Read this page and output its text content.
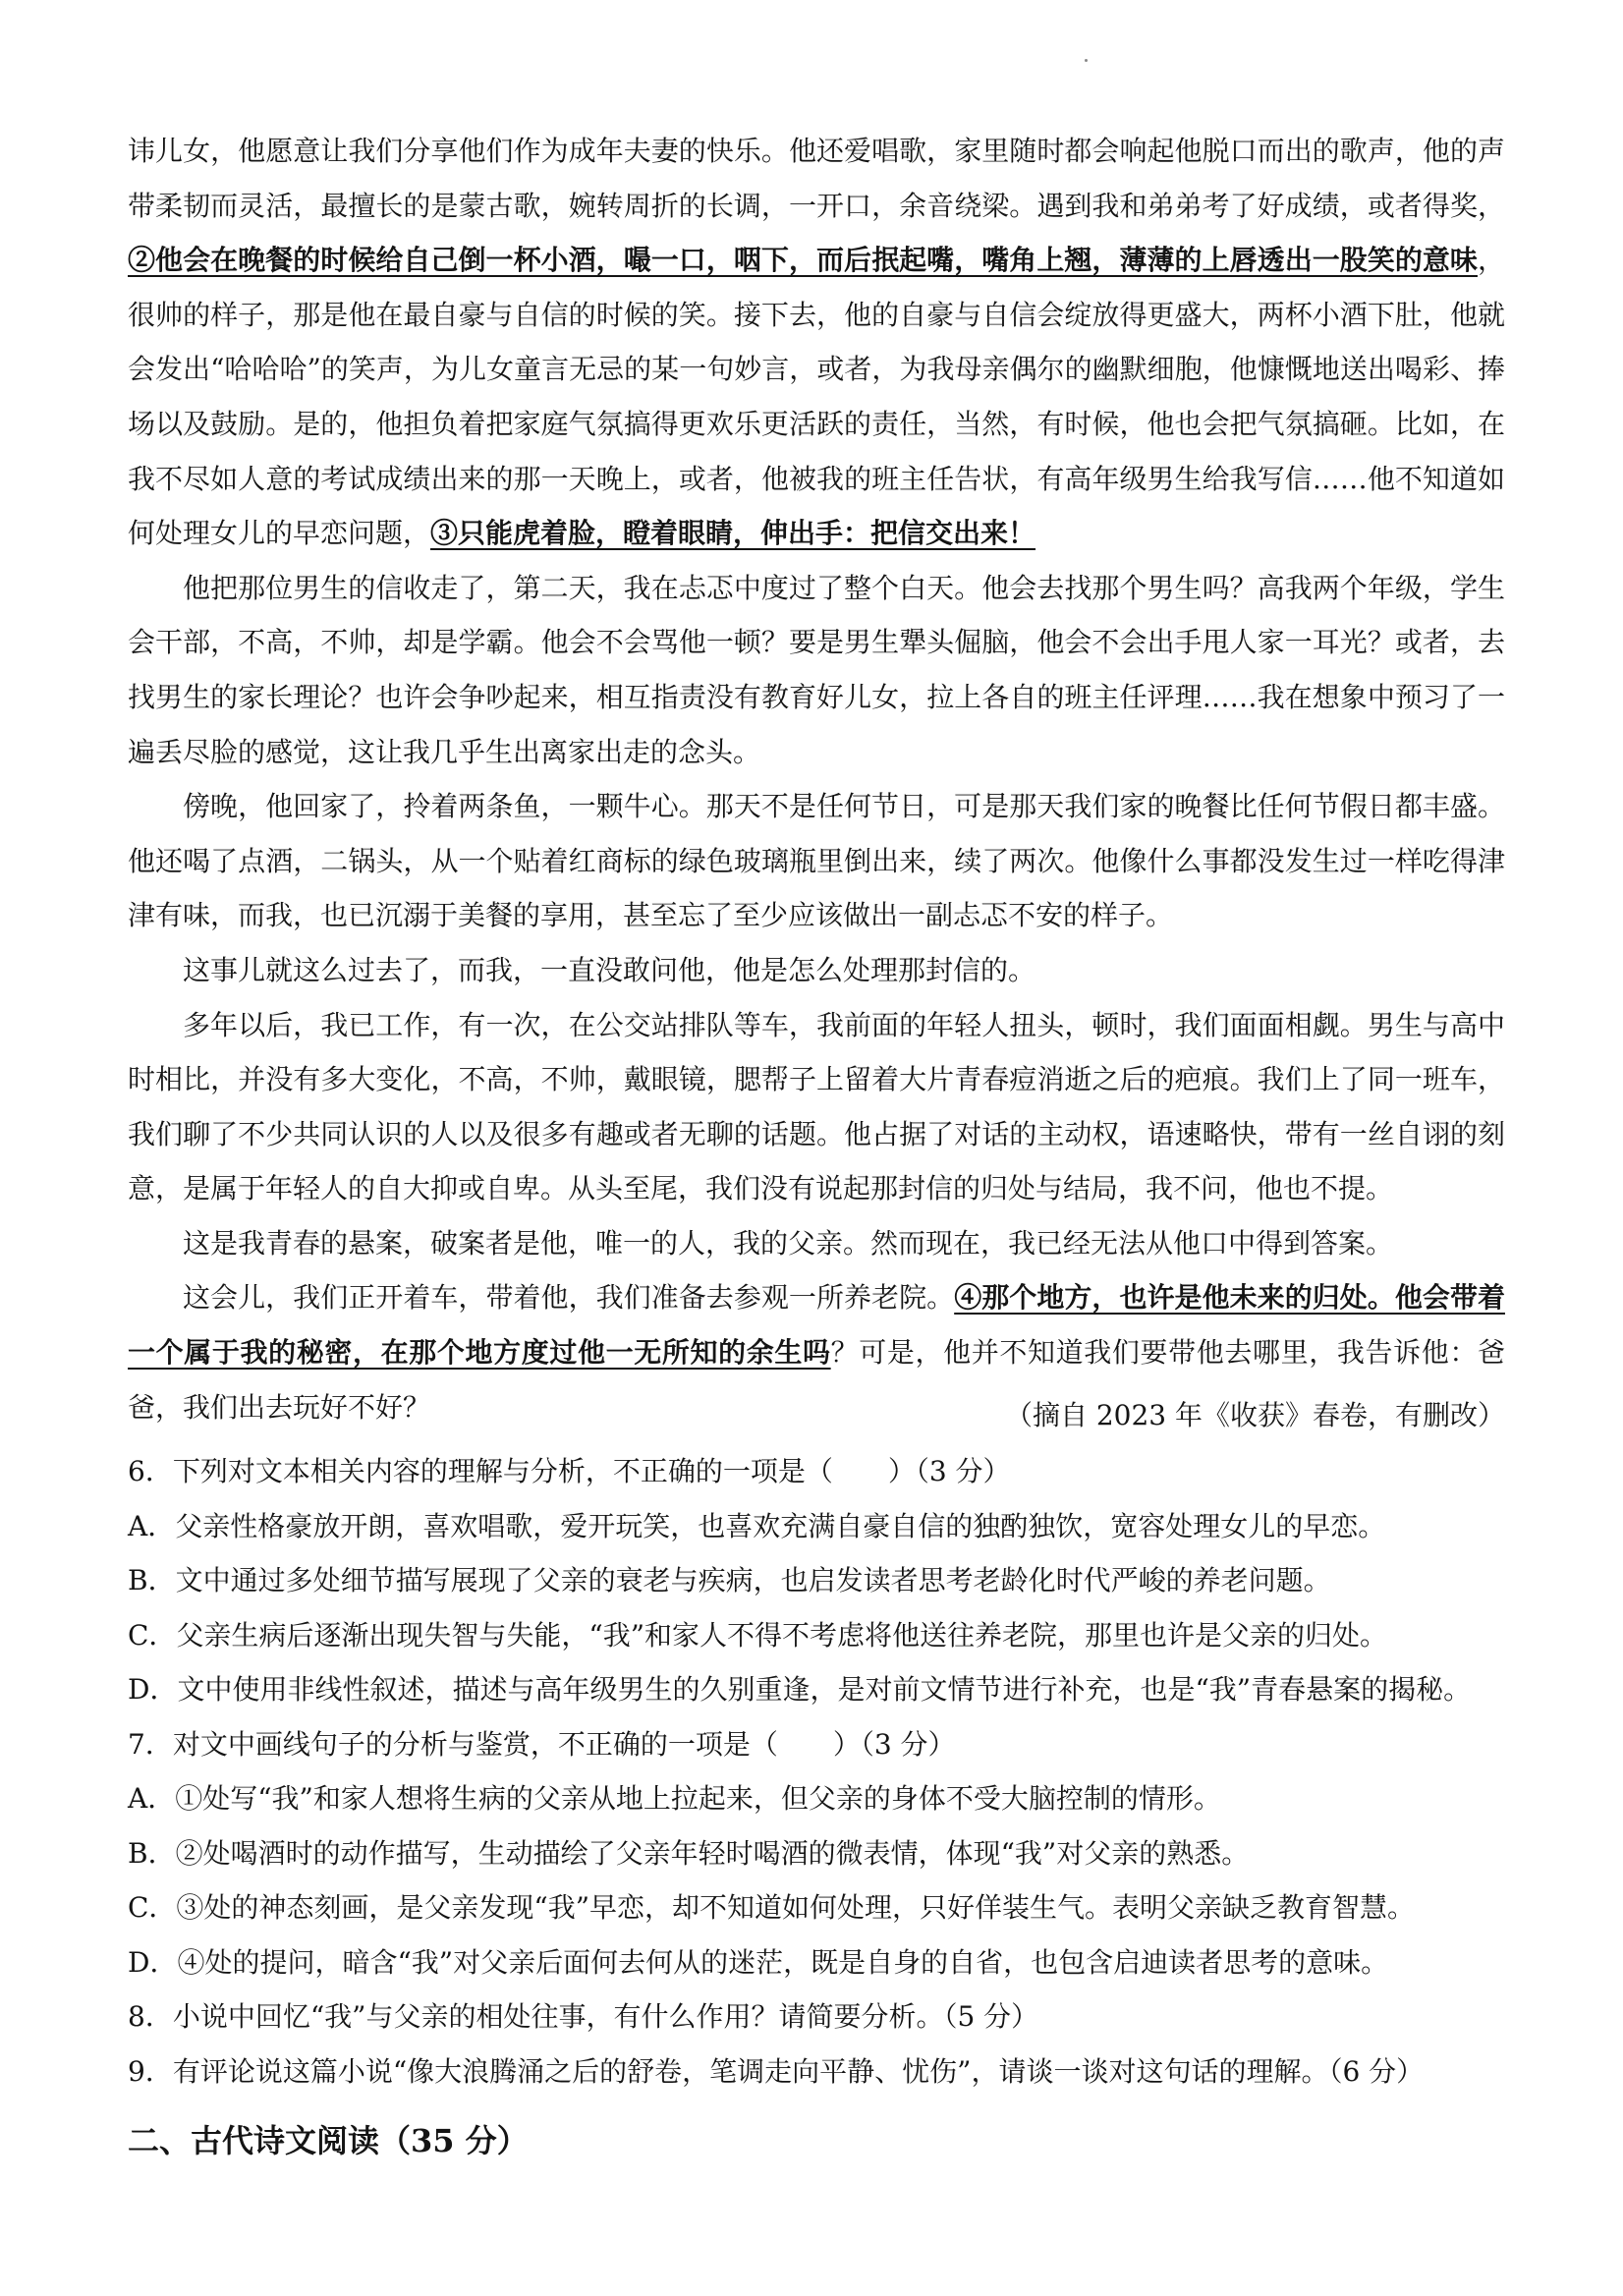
讳儿女，他愿意让我们分享他们作为成年夫妻的快乐。他还爱唱歌，家里随时都会响起他脱口而出的歌声，他的声带柔韧而灵活，最擅长的是蒙古歌，婉转周折的长调，一开口，余音绕梁。遇到我和弟弟考了好成绩，或者得奖，②他会在晚餐的时候给自己倒一杯小酒，嘬一口，咽下，而后抿起嘴，嘴角上翘，薄薄的上唇透出一股笑的意味，很帅的样子，那是他在最自豪与自信的时候的笑。接下去，他的自豪与自信会绽放得更盛大，两杯小酒下肚，他就会发出“哈哈哈”的笑声，为儿女童言无忌的某一句妙言，或者，为我母亲偶尔的幽默细胞，他慷慨地送出喝彩、捧场以及鼓励。是的，他担负着把家庭气氛搞得更欢乐更活跃的责任，当然，有时候，他也会把气氛搞砸。比如，在我不尽如人意的考试成绩出来的那一天晚上，或者，他被我的班主任告状，有高年级男生给我写信……他不知道如何处理女儿的早恋问题，③只能虎着脸，瞪着眼睛，伸出手：把信交出来！

他把那位男生的信收走了，第二天，我在忐忑中度过了整个白天。他会去找那个男生吗？高我两个年级，学生会干部，不高，不帅，却是学霸。他会不会骂他一顿？要是男生犟头倔脑，他会不会出手甩人家一耳光？或者，去找男生的家长理论？也许会争吵起来，相互指责没有教育好儿女，拉上各自的班主任评理……我在想象中预习了一遍丢尽脸的感觉，这让我几乎生出离家出走的念头。

傍晚，他回家了，拎着两条鱼，一颗牛心。那天不是任何节日，可是那天我们家的晚餐比任何节假日都丰盛。他还喝了点酒，二锅头，从一个贴着红商标的绿色玻璃瓶里倒出来，续了两次。他像什么事都没发生过一样吃得津津有味，而我，也已沉溺于美餐的享用，甚至忘了至少应该做出一副忐忑不安的样子。

这事儿就这么过去了，而我，一直没敢问他，他是怎么处理那封信的。

多年以后，我已工作，有一次，在公交站排队等车，我前面的年轻人扭头，顿时，我们面面相觑。男生与高中时相比，并没有多大变化，不高，不帅，戴眼镜，腮帮子上留着大片青春痘消逝之后的疤痕。我们上了同一班车，我们聊了不少共同认识的人以及很多有趣或者无聊的话题。他占据了对话的主动权，语速略快，带有一丝自诩的刻意，是属于年轻人的自大抑或自卑。从头至尾，我们没有说起那封信的归处与结局，我不问，他也不提。

这是我青春的悬案，破案者是他，唯一的人，我的父亲。然而现在，我已经无法从他口中得到答案。

这会儿，我们正开着车，带着他，我们准备去参观一所养老院。④那个地方，也许是他未来的归处。他会带着一个属于我的秘密，在那个地方度过他一无所知的余生吗？可是，他并不知道我们要带他去哪里，我告诉他：爸爸，我们出去玩好不好？	（摘自 2023 年《收获》春卷，有删改）

6．下列对文本相关内容的理解与分析，不正确的一项是（　　）（3 分）

A．父亲性格豪放开朗，喜欢唱歌，爱开玩笑，也喜欢充满自豪自信的独酌独饮，宽容处理女儿的早恋。

B．文中通过多处细节描写展现了父亲的衰老与疾病，也启发读者思考老龄化时代严峻的养老问题。

C．父亲生病后逐渐出现失智与失能，“我”和家人不得不考虑将他送往养老院，那里也许是父亲的归处。

D．文中使用非线性叙述，描述与高年级男生的久别重逢，是对前文情节进行补充，也是“我”青春悬案的揭秘。

7．对文中画线句子的分析与鉴赏，不正确的一项是（　　）（3 分）

A．①处写“我”和家人想将生病的父亲从地上拉起来，但父亲的身体不受大脑控制的情形。

B．②处喝酒时的动作描写，生动描绘了父亲年轻时喝酒的微表情，体现“我”对父亲的熟悉。

C．③处的神态刻画，是父亲发现“我”早恋，却不知道如何处理，只好佯装生气。表明父亲缺乏教育智慧。

D．④处的提问，暗含“我”对父亲后面何去何从的迷茫，既是自身的自省，也包含启迪读者思考的意味。

8．小说中回忆“我”与父亲的相处往事，有什么作用？请简要分析。（5 分）

9．有评论说这篇小说“像大浪腾涌之后的舒卷，笔调走向平静、忧伤”，请谈一谈对这句话的理解。（6 分）

二、古代诗文阅读（35 分）
